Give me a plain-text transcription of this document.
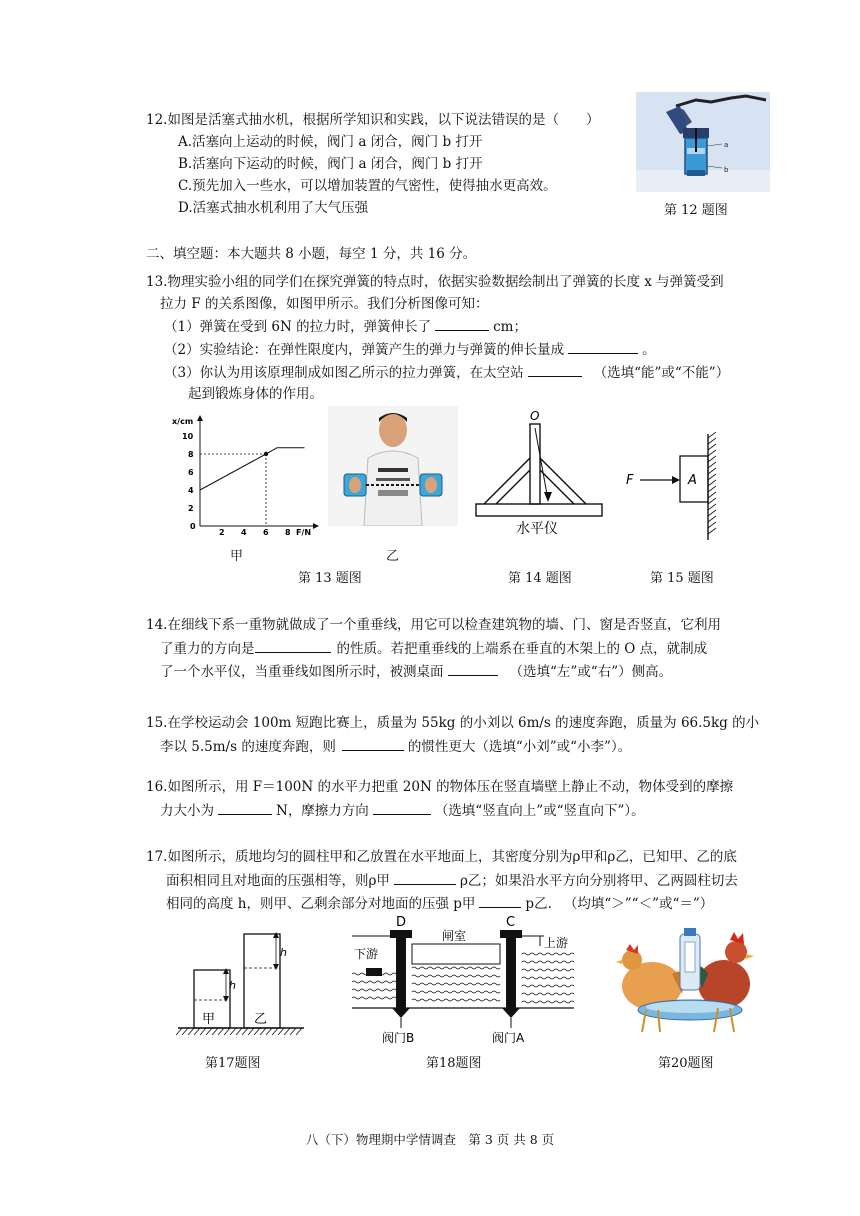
12.如图是活塞式抽水机，根据所学知识和实践，以下说法错误的是（　　）
A.活塞向上运动的时候，阀门 a 闭合，阀门 b 打开
B.活塞向下运动的时候，阀门 a 闭合，阀门 b 打开
C.预先加入一些水，可以增加装置的气密性，使得抽水更高效。
D.活塞式抽水机利用了大气压强
a
b
第 12 题图
二、填空题：本大题共 8 小题，每空 1 分，共 16 分。
13.物理实验小组的同学们在探究弹簧的特点时，依据实验数据绘制出了弹簧的长度 x 与弹簧受到
拉力 F 的关系图像，如图甲所示。我们分析图像可知：
（1）弹簧在受到 6N 的拉力时，弹簧伸长了	cm；
（2）实验结论：在弹性限度内，弹簧产生的弹力与弹簧的伸长量成	。
（3）你认为用该原理制成如图乙所示的拉力弹簧，在太空站	（选填“能”或“不能”）
起到锻炼身体的作用。
x/cm
F/N
0
2 4 6 8
2
4
6
8
10
甲	乙
第 13 题图
O
水平仪
第 14 题图
F	A
第 15 题图
14.在细线下系一重物就做成了一个重垂线，用它可以检查建筑物的墙、门、窗是否竖直，它利用
了重力的方向是	的性质。若把重垂线的上端系在垂直的木架上的 O 点，就制成
了一个水平仪，当重垂线如图所示时，被测桌面	（选填“左”或“右”）侧高。
15.在学校运动会 100m 短跑比赛上，质量为 55kg 的小刘以 6m/s 的速度奔跑，质量为 66.5kg 的小
李以 5.5m/s 的速度奔跑，则	的惯性更大（选填“小刘”或“小李”）。
16.如图所示，用 F＝100N 的水平力把重 20N 的物体压在竖直墙壁上静止不动，物体受到的摩擦
力大小为	N，摩擦力方向	（选填“竖直向上”或“竖直向下”）。
17.如图所示，质地均匀的圆柱甲和乙放置在水平地面上，其密度分别为ρ甲和ρ乙，已知甲、乙的底
面积相同且对地面的压强相等，则ρ甲	ρ乙；如果沿水平方向分别将甲、乙两圆柱切去
相同的高度 h，则甲、乙剩余部分对地面的压强 p甲	p乙. （均填“＞”“＜”或“＝”）
甲
h
乙
h
第17题图
D	C
闸室	上游
下游
阀门B	阀门A
第18题图	第20题图
八（下）物理期中学情调查　第 3 页 共 8 页
